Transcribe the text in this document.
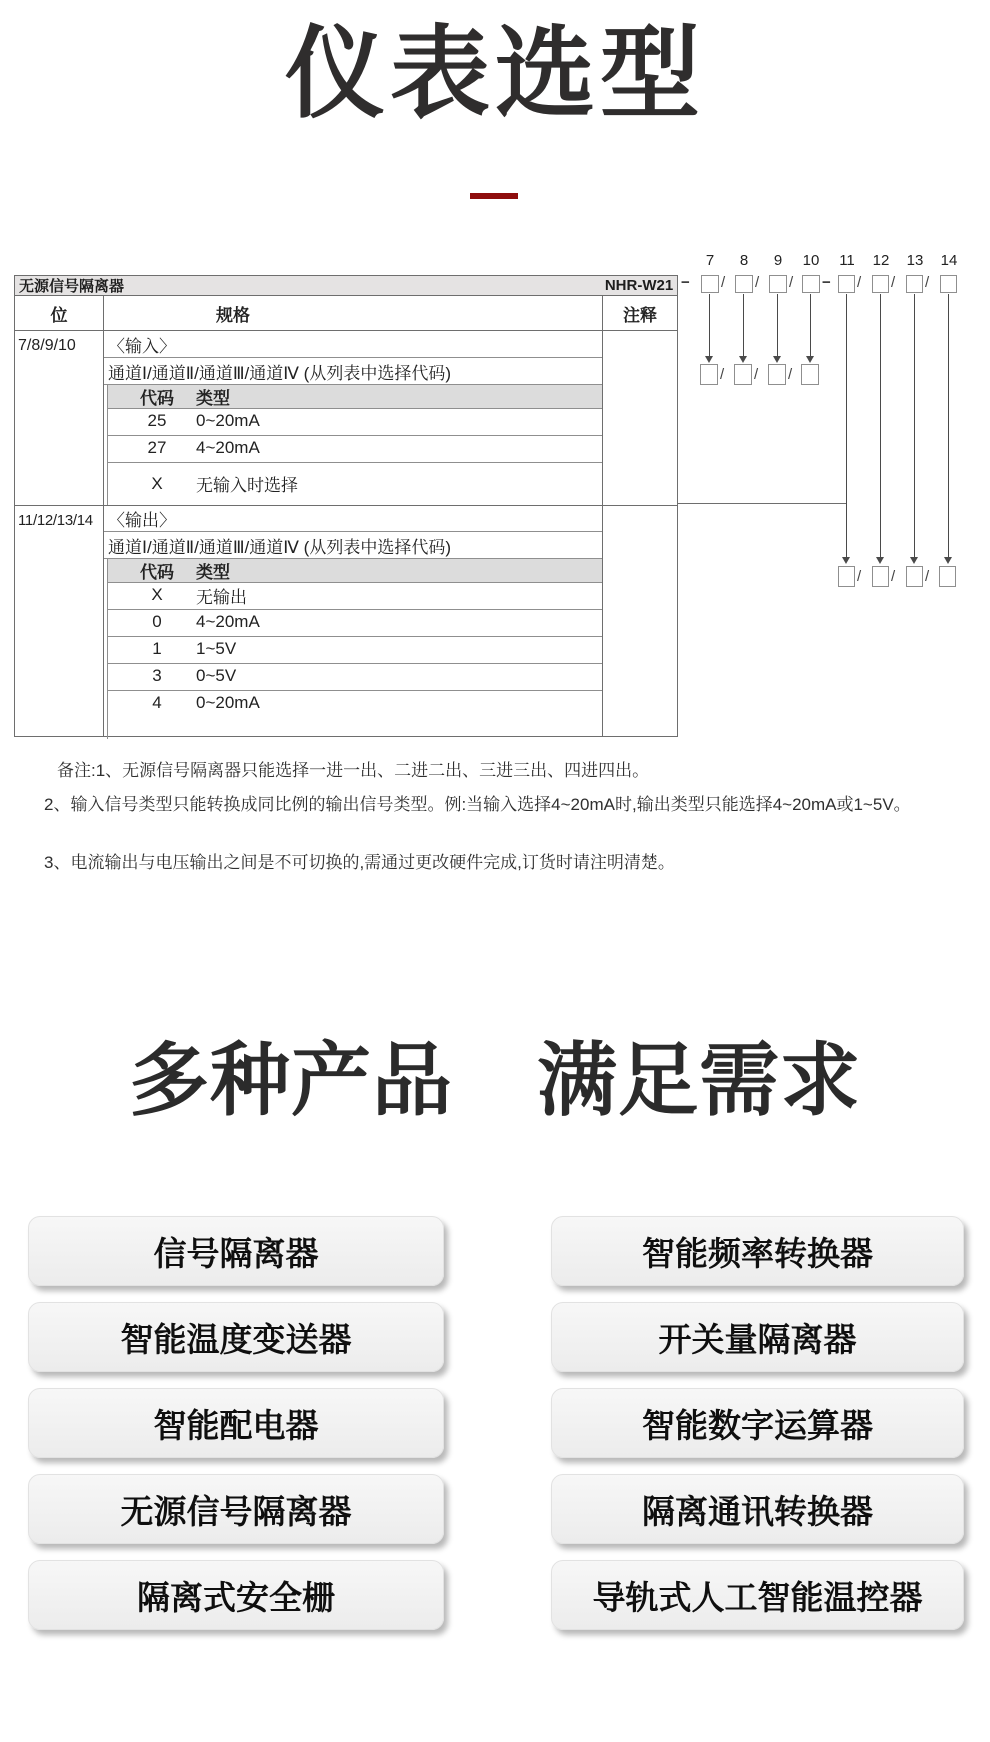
仪表选型
无源信号隔离器	NHR-W21
位	规格	注释
7/8/9/10	〈输入〉
通道Ⅰ/通道Ⅱ/通道Ⅲ/通道Ⅳ (从列表中选择代码)
代码	类型
25	0~20mA
27	4~20mA
X	无输入时选择
11/12/13/14 〈输出〉
通道Ⅰ/通道Ⅱ/通道Ⅲ/通道Ⅳ (从列表中选择代码)
代码	类型
X	无输出
0	4~20mA
1	1~5V
3	0~5V
4	0~20mA
7	8	9	10 11 12 13 14
− / / / − / / /
/ / /
/ / /
备注:1、无源信号隔离器只能选择一进一出、二进二出、三进三出、四进四出。
2、输入信号类型只能转换成同比例的输出信号类型。例:当输入选择4~20mA时,输出类型只能选择4~20mA或1~5V。
3、电流输出与电压输出之间是不可切换的,需通过更改硬件完成,订货时请注明清楚。
多种产品 满足需求
信号隔离器
智能温度变送器
智能配电器
无源信号隔离器
隔离式安全栅
智能频率转换器
开关量隔离器
智能数字运算器
隔离通讯转换器
导轨式人工智能温控器
